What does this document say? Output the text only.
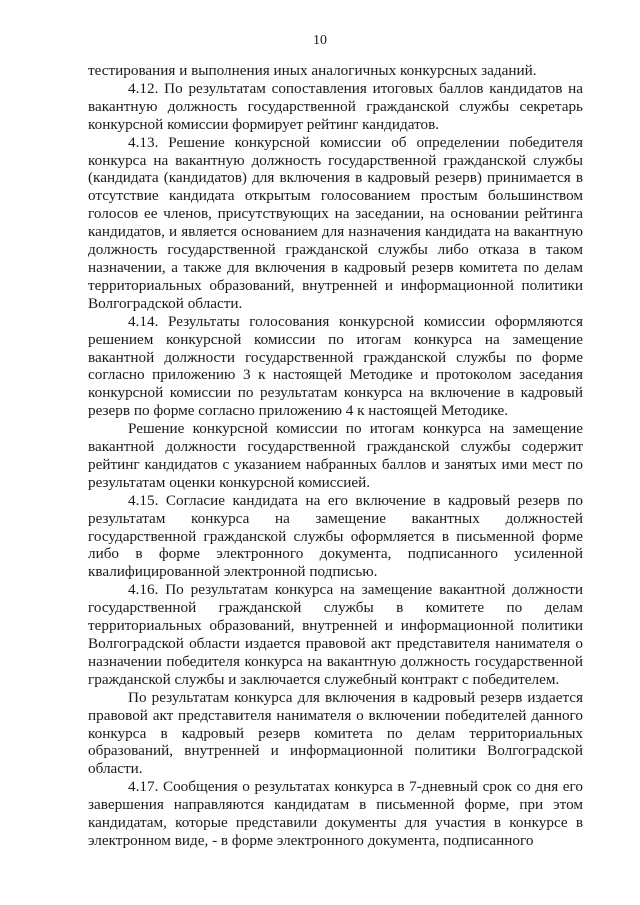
10

тестирования и выполнения иных аналогичных конкурсных заданий.

4.12. По результатам сопоставления итоговых баллов кандидатов на вакантную должность государственной гражданской службы секретарь конкурсной комиссии формирует рейтинг кандидатов.

4.13. Решение конкурсной комиссии об определении победителя конкурса на вакантную должность государственной гражданской службы (кандидата (кандидатов) для включения в кадровый резерв) принимается в отсутствие кандидата открытым голосованием простым большинством голосов ее членов, присутствующих на заседании, на основании рейтинга кандидатов, и является основанием для назначения кандидата на вакантную должность государственной гражданской службы либо отказа в таком назначении, а также для включения в кадровый резерв комитета по делам территориальных образований, внутренней и информационной политики Волгоградской области.

4.14. Результаты голосования конкурсной комиссии оформляются решением конкурсной комиссии по итогам конкурса на замещение вакантной должности государственной гражданской службы по форме согласно приложению 3 к настоящей Методике и протоколом заседания конкурсной комиссии по результатам конкурса на включение в кадровый резерв по форме согласно приложению 4 к настоящей Методике.

Решение конкурсной комиссии по итогам конкурса на замещение вакантной должности государственной гражданской службы содержит рейтинг кандидатов с указанием набранных баллов и занятых ими мест по результатам оценки конкурсной комиссией.

4.15. Согласие кандидата на его включение в кадровый резерв по результатам конкурса на замещение вакантных должностей государственной гражданской службы оформляется в письменной форме либо в форме электронного документа, подписанного усиленной квалифицированной электронной подписью.

4.16. По результатам конкурса на замещение вакантной должности государственной гражданской службы в комитете по делам территориальных образований, внутренней и информационной политики Волгоградской области издается правовой акт представителя нанимателя о назначении победителя конкурса на вакантную должность государственной гражданской службы и заключается служебный контракт с победителем.

По результатам конкурса для включения в кадровый резерв издается правовой акт представителя нанимателя о включении победителей данного конкурса в кадровый резерв комитета по делам территориальных образований, внутренней и информационной политики Волгоградской области.

4.17. Сообщения о результатах конкурса в 7-дневный срок со дня его завершения направляются кандидатам в письменной форме, при этом кандидатам, которые представили документы для участия в конкурсе в электронном виде, - в форме электронного документа, подписанного
